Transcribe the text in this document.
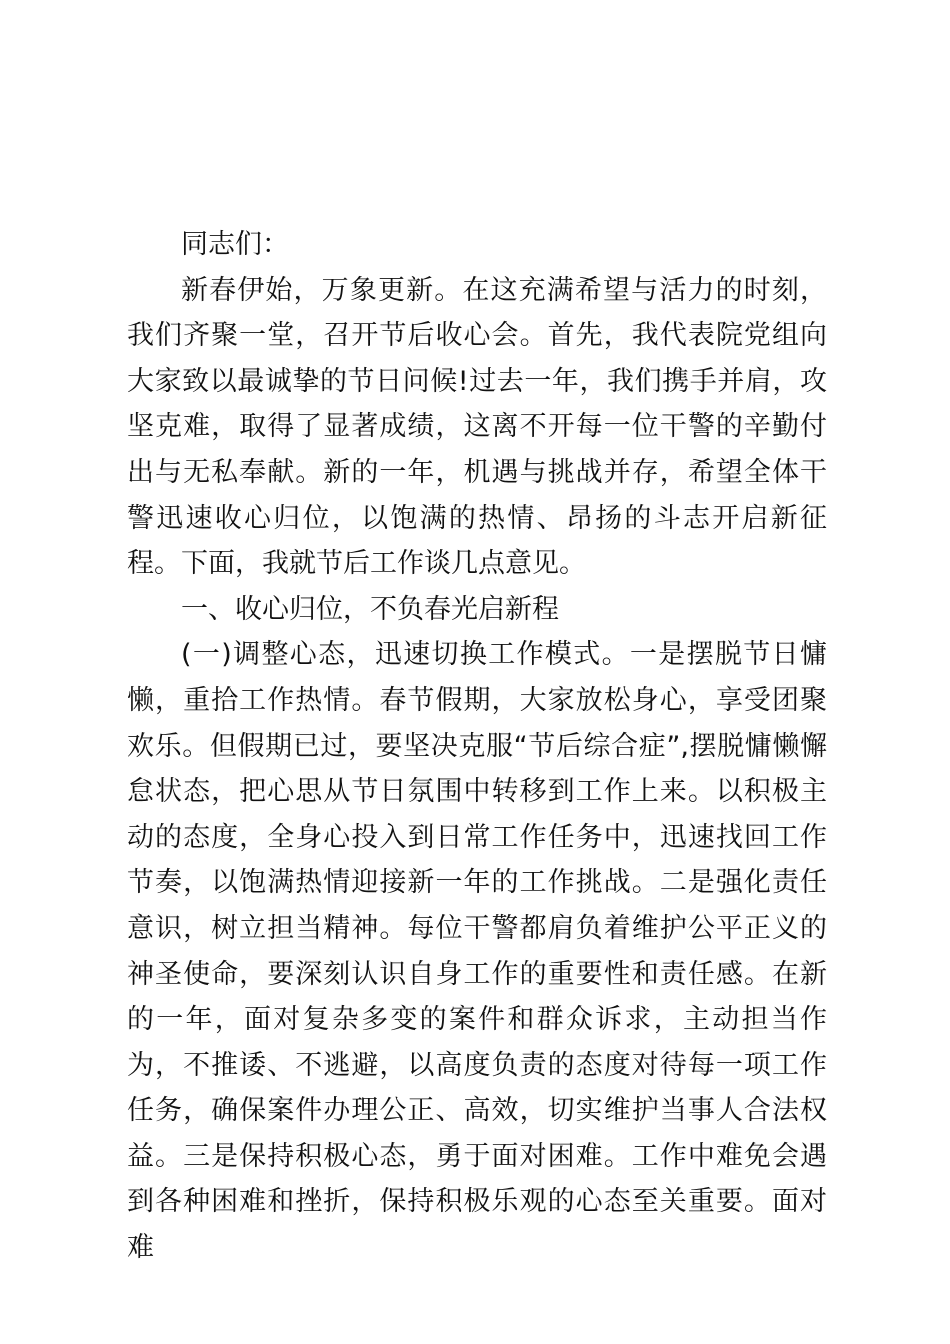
同志们：

新春伊始，万象更新。在这充满希望与活力的时刻，我们齐聚一堂，召开节后收心会。首先，我代表院党组向大家致以最诚挚的节日问候!过去一年，我们携手并肩，攻坚克难，取得了显著成绩，这离不开每一位干警的辛勤付出与无私奉献。新的一年，机遇与挑战并存，希望全体干警迅速收心归位，以饱满的热情、昂扬的斗志开启新征程。下面，我就节后工作谈几点意见。

一、收心归位，不负春光启新程

(一)调整心态，迅速切换工作模式。一是摆脱节日慵懒，重拾工作热情。春节假期，大家放松身心，享受团聚欢乐。但假期已过，要坚决克服“节后综合症”,摆脱慵懒懈怠状态，把心思从节日氛围中转移到工作上来。以积极主动的态度，全身心投入到日常工作任务中，迅速找回工作节奏，以饱满热情迎接新一年的工作挑战。二是强化责任意识，树立担当精神。每位干警都肩负着维护公平正义的神圣使命，要深刻认识自身工作的重要性和责任感。在新的一年，面对复杂多变的案件和群众诉求，主动担当作为，不推诿、不逃避，以高度负责的态度对待每一项工作任务，确保案件办理公正、高效，切实维护当事人合法权益。三是保持积极心态，勇于面对困难。工作中难免会遇到各种困难和挫折，保持积极乐观的心态至关重要。面对难
